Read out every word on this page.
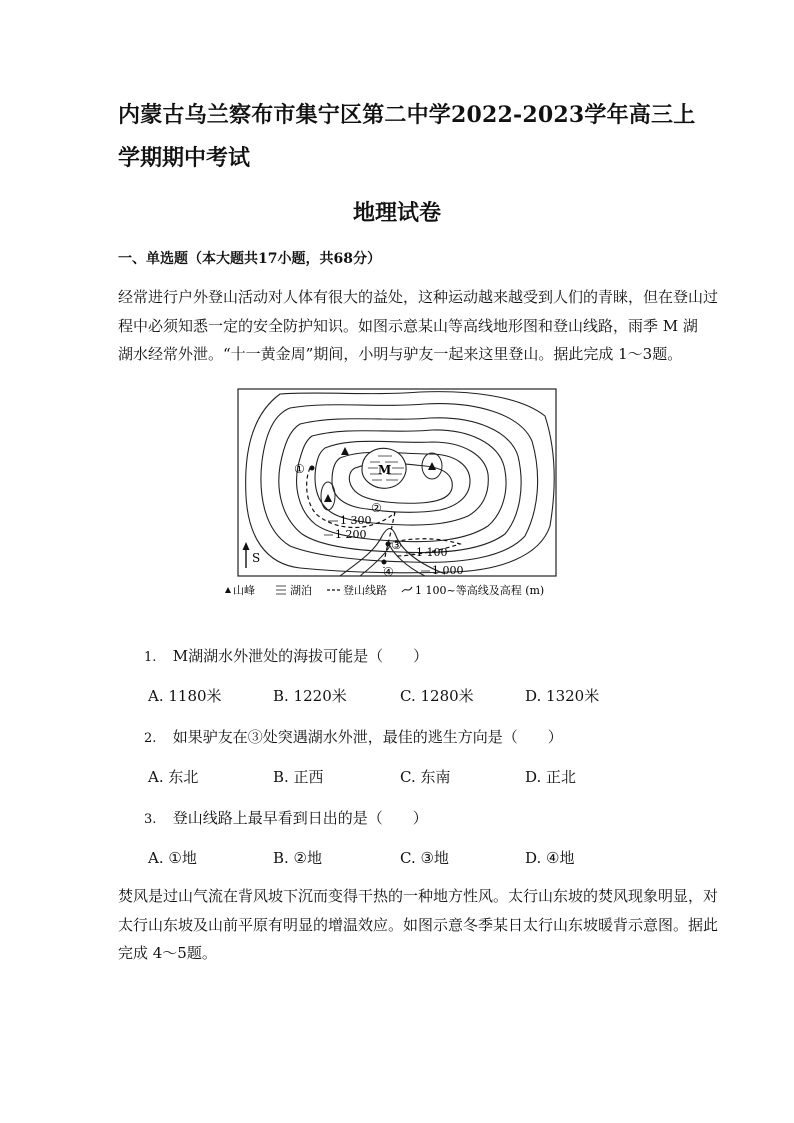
内蒙古乌兰察布市集宁区第二中学2022-2023学年高三上
学期期中考试
地理试卷
一、单选题（本大题共17小题，共68分）
经常进行户外登山活动对人体有很大的益处，这种运动越来越受到人们的青睐，但在登山过
程中必须知悉一定的安全防护知识。如图示意某山等高线地形图和登山线路，雨季 M 湖
湖水经常外泄。“十一黄金周”期间，小明与驴友一起来这里登山。据此完成 1～3题。
M
①
②
③
④
1 300
1 200
1 100
1 000
S
山峰	湖泊	登山线路	1 100~等高线及高程 (m)
1. M湖湖水外泄处的海拔可能是（　　）
A. 1180米	B. 1220米	C. 1280米	D. 1320米
2. 如果驴友在③处突遇湖水外泄，最佳的逃生方向是（　　）
A. 东北	B. 正西	C. 东南	D. 正北
3. 登山线路上最早看到日出的是（　　）
A. ①地	B. ②地	C. ③地	D. ④地
焚风是过山气流在背风坡下沉而变得干热的一种地方性风。太行山东坡的焚风现象明显，对
太行山东坡及山前平原有明显的增温效应。如图示意冬季某日太行山东坡暖背示意图。据此
完成 4～5题。
